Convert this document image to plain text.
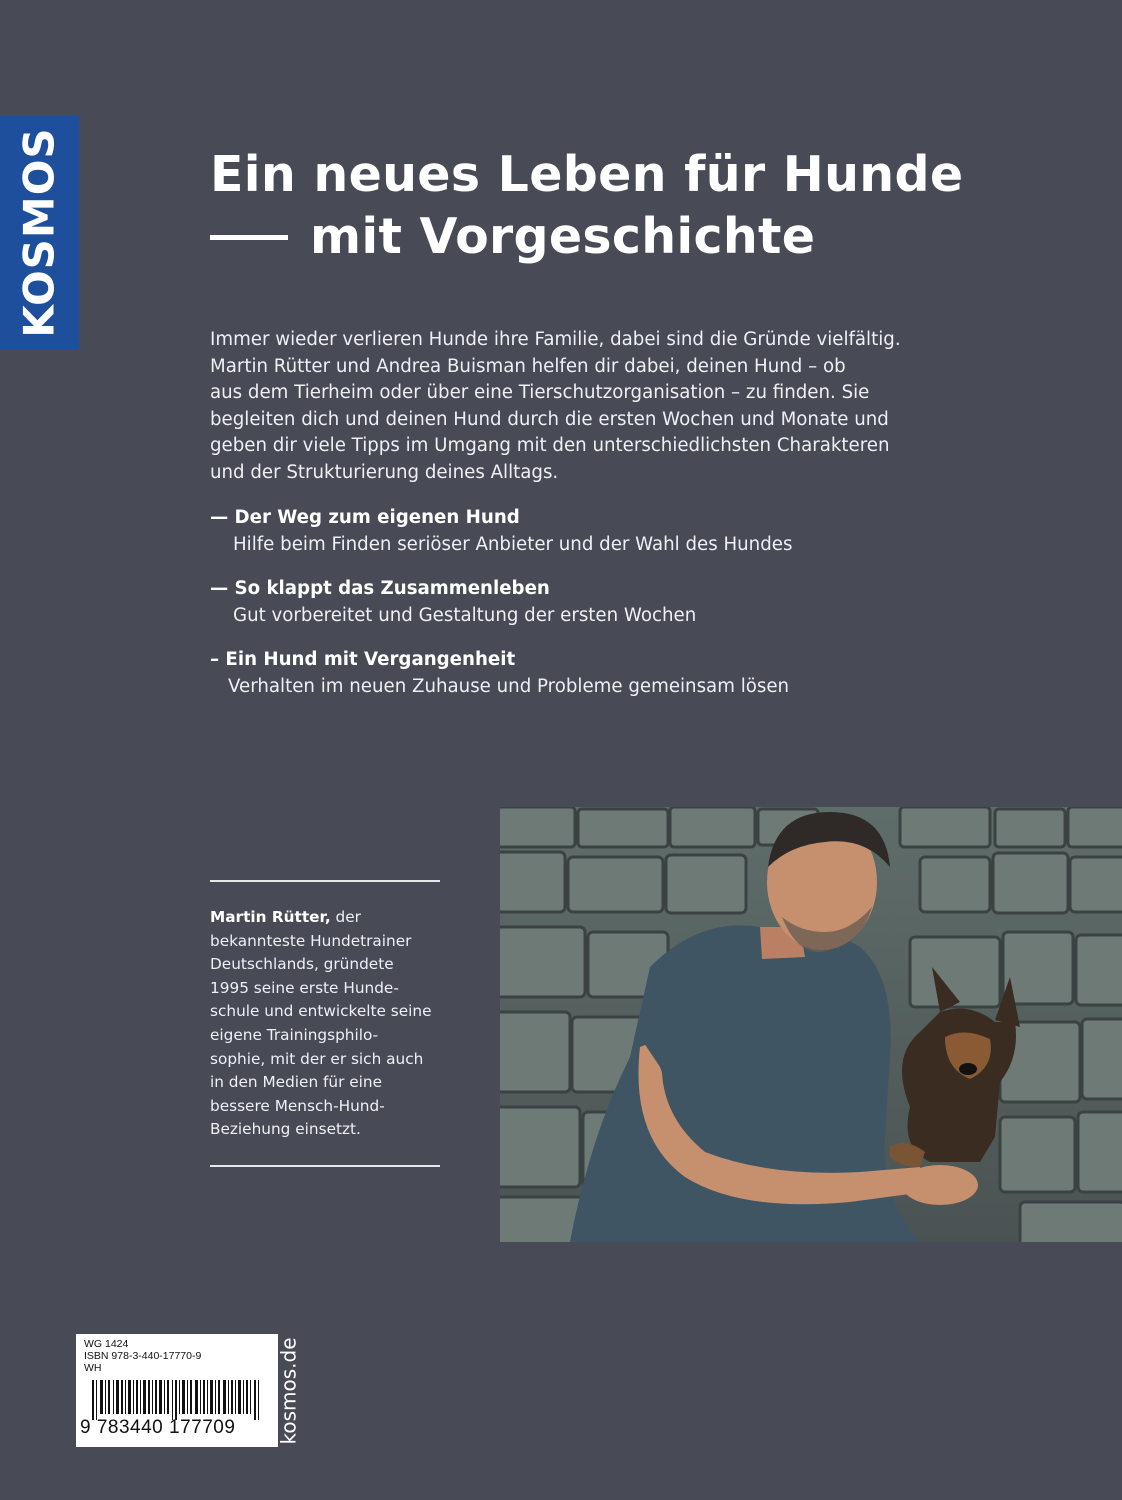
KOSMOS	Ein neues Leben für Hunde
mit Vorgeschichte

Immer wieder verlieren Hunde ihre Familie, dabei sind die Gründe vielfältig.
Martin Rütter und Andrea Buisman helfen dir dabei, deinen Hund – ob
aus dem Tierheim oder über eine Tierschutzorganisation – zu finden. Sie
begleiten dich und deinen Hund durch die ersten Wochen und Monate und
geben dir viele Tipps im Umgang mit den unterschiedlichsten Charakteren
und der Strukturierung deines Alltags.

— Der Weg zum eigenen Hund
Hilfe beim Finden seriöser Anbieter und der Wahl des Hundes
— So klappt das Zusammenleben
Gut vorbereitet und Gestaltung der ersten Wochen
– Ein Hund mit Vergangenheit
Verhalten im neuen Zuhause und Probleme gemeinsam lösen

Martin Rütter, der
bekannteste Hundetrainer
Deutschlands, gründete
1995 seine erste Hunde-
schule und entwickelte seine
eigene Trainingsphilo-
sophie, mit der er sich auch
in den Medien für eine
bessere Mensch-Hund-
Beziehung einsetzt.

WG 1424
ISBN 978-3-440-17770-9
WH
9 783440 177709 kosmos.de
